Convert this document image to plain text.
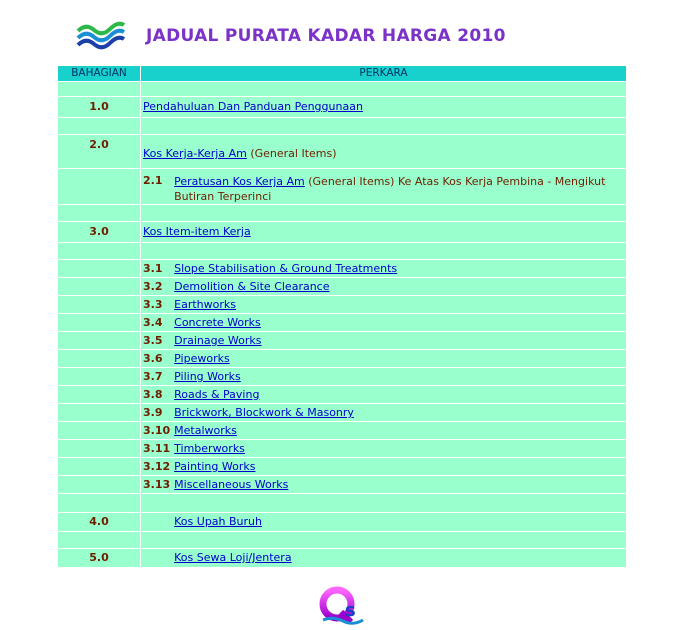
JADUAL PURATA KADAR HARGA 2010
BAHAGIAN	PERKARA	

1.0	Pendahuluan Dan Panduan Penggunaan	

2.0	Kos Kerja-Kerja Am (General Items)	
	2.1	Peratusan Kos Kerja Am (General Items) Ke Atas Kos Kerja Pembina - Mengikut Butiran Terperinci

3.0	Kos Item-item Kerja	

	3.1	Slope Stabilisation & Ground Treatments
	3.2	Demolition & Site Clearance
	3.3	Earthworks
	3.4	Concrete Works
	3.5	Drainage Works
	3.6	Pipeworks
	3.7	Piling Works
	3.8	Roads & Paving
	3.9	Brickwork, Blockwork & Masonry
	3.10	Metalworks
	3.11	Timberworks
	3.12	Painting Works
	3.13	Miscellaneous Works

4.0		Kos Upah Buruh

5.0		Kos Sewa Loji/Jentera
s
